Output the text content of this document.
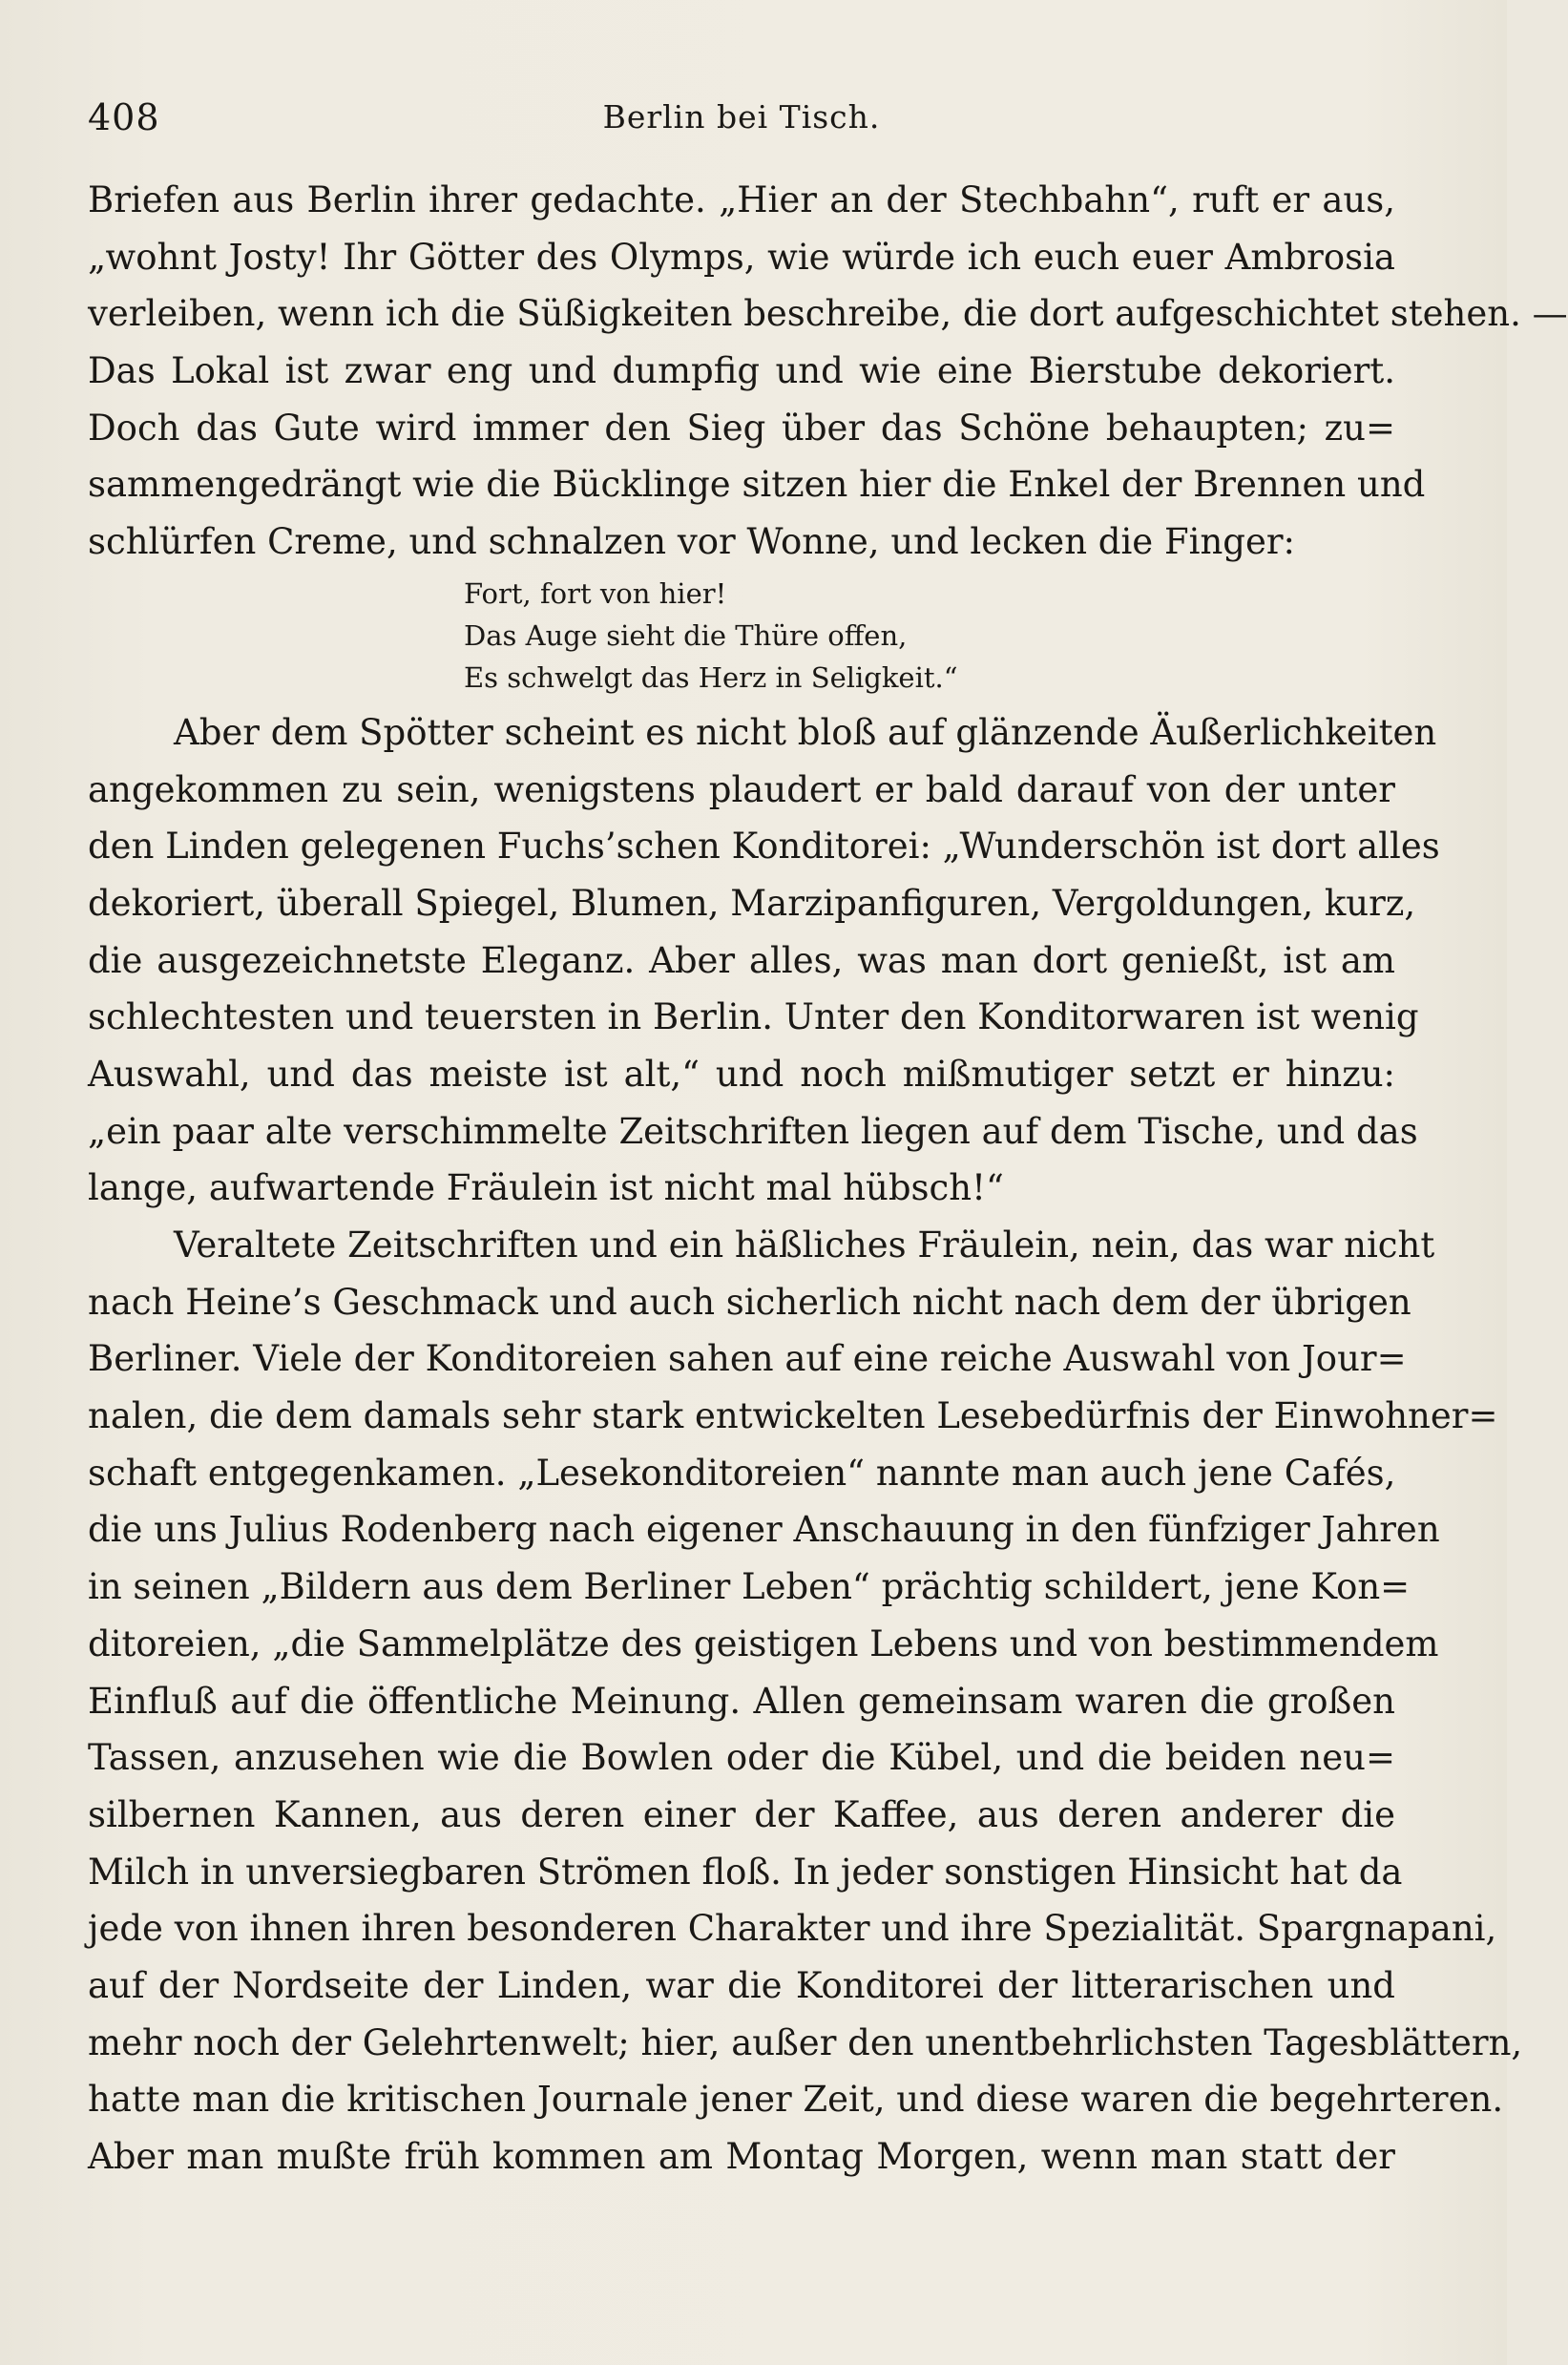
408	Berlin bei Tisch.
Briefen aus Berlin ihrer gedachte. „Hier an der Stechbahn“, ruft er aus,
„wohnt Josty! Ihr Götter des Olymps, wie würde ich euch euer Ambrosia
verleiben, wenn ich die Süßigkeiten beschreibe, die dort aufgeschichtet stehen. —
Das Lokal ist zwar eng und dumpfig und wie eine Bierstube dekoriert.
Doch das Gute wird immer den Sieg über das Schöne behaupten; zu=
sammengedrängt wie die Bücklinge sitzen hier die Enkel der Brennen und
schlürfen Creme, und schnalzen vor Wonne, und lecken die Finger:
Fort, fort von hier!
Das Auge sieht die Thüre offen,
Es schwelgt das Herz in Seligkeit.“
Aber dem Spötter scheint es nicht bloß auf glänzende Äußerlichkeiten
angekommen zu sein, wenigstens plaudert er bald darauf von der unter
den Linden gelegenen Fuchs’schen Konditorei: „Wunderschön ist dort alles
dekoriert, überall Spiegel, Blumen, Marzipanfiguren, Vergoldungen, kurz,
die ausgezeichnetste Eleganz. Aber alles, was man dort genießt, ist am
schlechtesten und teuersten in Berlin. Unter den Konditorwaren ist wenig
Auswahl, und das meiste ist alt,“ und noch mißmutiger setzt er hinzu:
„ein paar alte verschimmelte Zeitschriften liegen auf dem Tische, und das
lange, aufwartende Fräulein ist nicht mal hübsch!“
Veraltete Zeitschriften und ein häßliches Fräulein, nein, das war nicht
nach Heine’s Geschmack und auch sicherlich nicht nach dem der übrigen
Berliner. Viele der Konditoreien sahen auf eine reiche Auswahl von Jour=
nalen, die dem damals sehr stark entwickelten Lesebedürfnis der Einwohner=
schaft entgegenkamen. „Lesekonditoreien“ nannte man auch jene Cafés,
die uns Julius Rodenberg nach eigener Anschauung in den fünfziger Jahren
in seinen „Bildern aus dem Berliner Leben“ prächtig schildert, jene Kon=
ditoreien, „die Sammelplätze des geistigen Lebens und von bestimmendem
Einfluß auf die öffentliche Meinung. Allen gemeinsam waren die großen
Tassen, anzusehen wie die Bowlen oder die Kübel, und die beiden neu=
silbernen Kannen, aus deren einer der Kaffee, aus deren anderer die
Milch in unversiegbaren Strömen floß. In jeder sonstigen Hinsicht hat da
jede von ihnen ihren besonderen Charakter und ihre Spezialität. Spargnapani,
auf der Nordseite der Linden, war die Konditorei der litterarischen und
mehr noch der Gelehrtenwelt; hier, außer den unentbehrlichsten Tagesblättern,
hatte man die kritischen Journale jener Zeit, und diese waren die begehrteren.
Aber man mußte früh kommen am Montag Morgen, wenn man statt der
